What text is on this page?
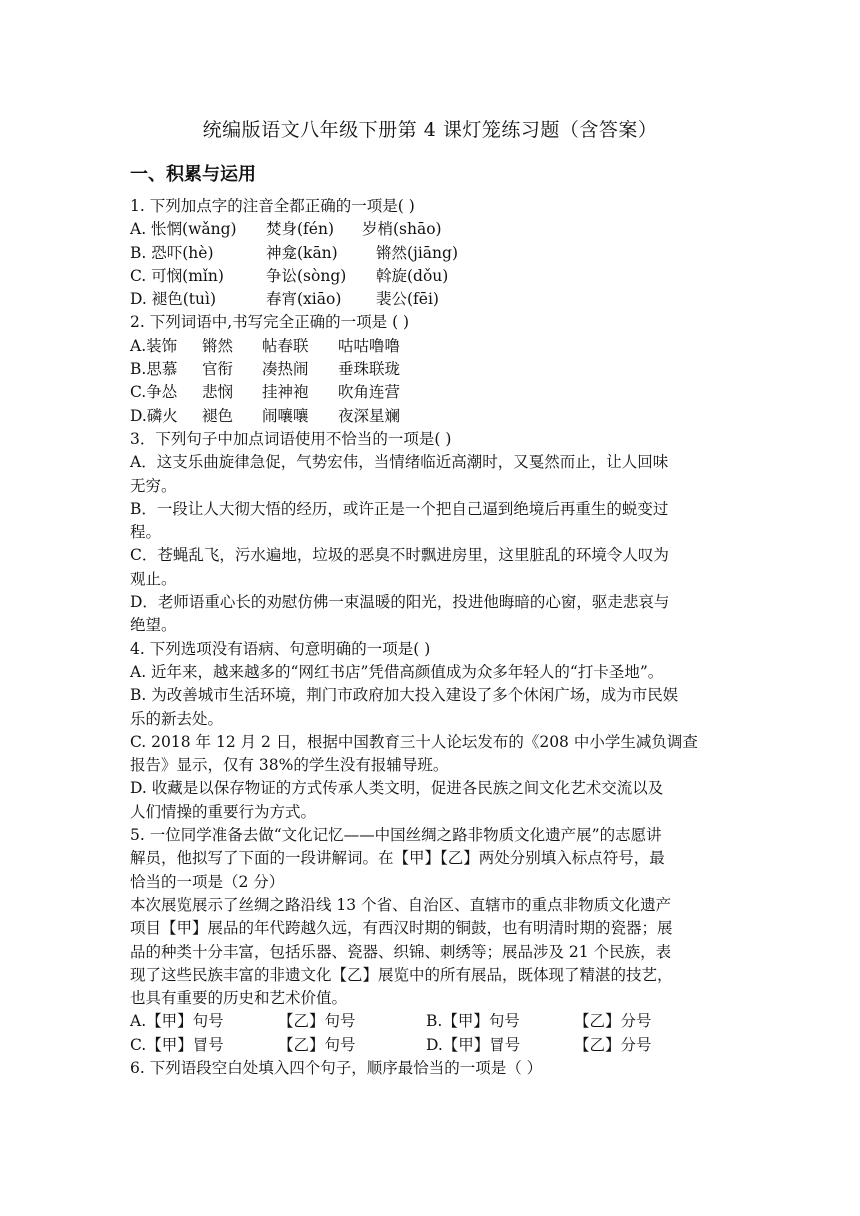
统编版语文八年级下册第 4 课灯笼练习题（含答案）
一、积累与运用
1. 下列加点字的注音全都正确的一项是( )
A. 怅惘(wǎng) 焚身(fén) 岁梢(shāo)
B. 恐吓(hè)	神龛(kān) 锵然(jiāng)
C. 可悯(mǐn)	争讼(sòng) 斡旋(dǒu)
D. 褪色(tuì)	春宵(xiāo) 裴公(fēi)
2. 下列词语中,书写完全正确的一项是 ( )
A.装饰 锵然 帖春联 咕咕噜噜
B.思慕 官衔 凑热闹 垂珠联珑
C.争怂 悲悯 挂神袍 吹角连营
D.磷火 褪色 闹嚷嚷 夜深星斓
3．下列句子中加点词语使用不恰当的一项是( )
A．这支乐曲旋律急促，气势宏伟，当情绪临近高潮时，又戛然而止，让人回味
无穷。
B．一段让人大彻大悟的经历，或许正是一个把自己逼到绝境后再重生的蜕变过
程。
C．苍蝇乱飞，污水遍地，垃圾的恶臭不时飘进房里，这里脏乱的环境令人叹为
观止。
D．老师语重心长的劝慰仿佛一束温暖的阳光，投进他晦暗的心窗，驱走悲哀与
绝望。
4. 下列选项没有语病、句意明确的一项是( )
A. 近年来，越来越多的“网红书店”凭借高颜值成为众多年轻人的“打卡圣地”。
B. 为改善城市生活环境，荆门市政府加大投入建设了多个休闲广场，成为市民娱
乐的新去处。
C. 2018 年 12 月 2 日，根据中国教育三十人论坛发布的《208 中小学生减负调查
报告》显示，仅有 38%的学生没有报辅导班。
D. 收藏是以保存物证的方式传承人类文明，促进各民族之间文化艺术交流以及
人们情操的重要行为方式。
5. 一位同学准备去做“文化记忆——中国丝绸之路非物质文化遗产展”的志愿讲
解员，他拟写了下面的一段讲解词。在【甲】【乙】两处分别填入标点符号，最
恰当的一项是（2 分）
本次展览展示了丝绸之路沿线 13 个省、自治区、直辖市的重点非物质文化遗产
项目【甲】展品的年代跨越久远，有西汉时期的铜鼓，也有明清时期的瓷器；展
品的种类十分丰富，包括乐器、瓷器、织锦、刺绣等；展品涉及 21 个民族，表
现了这些民族丰富的非遗文化【乙】展览中的所有展品，既体现了精湛的技艺，
也具有重要的历史和艺术价值。
A.【甲】句号	【乙】句号	B.【甲】句号	【乙】分号
C.【甲】冒号	【乙】句号	D.【甲】冒号	【乙】分号
6. 下列语段空白处填入四个句子，顺序最恰当的一项是（ ）
